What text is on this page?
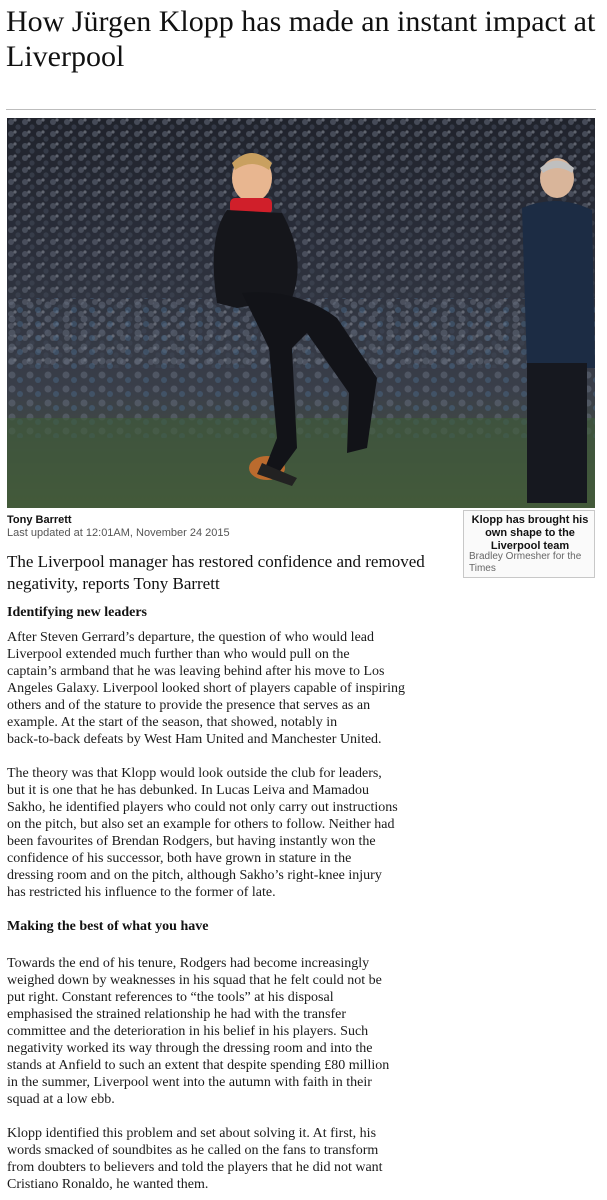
How Jürgen Klopp has made an instant impact at Liverpool
Tony Barrett
Last updated at 12:01AM, November 24 2015
Klopp has brought his own shape to the Liverpool team
Bradley Ormesher for the Times
The Liverpool manager has restored confidence and removed negativity, reports Tony Barrett
Identifying new leaders

After Steven Gerrard’s departure, the question of who would lead
Liverpool extended much further than who would pull on the
captain’s armband that he was leaving behind after his move to Los
Angeles Galaxy. Liverpool looked short of players capable of inspiring
others and of the stature to provide the presence that serves as an
example. At the start of the season, that showed, notably in
back-to-back defeats by West Ham United and Manchester United.

The theory was that Klopp would look outside the club for leaders,
but it is one that he has debunked. In Lucas Leiva and Mamadou
Sakho, he identified players who could not only carry out instructions
on the pitch, but also set an example for others to follow. Neither had
been favourites of Brendan Rodgers, but having instantly won the
confidence of his successor, both have grown in stature in the
dressing room and on the pitch, although Sakho’s right-knee injury
has restricted his influence to the former of late.

Making the best of what you have

Towards the end of his tenure, Rodgers had become increasingly
weighed down by weaknesses in his squad that he felt could not be
put right. Constant references to “the tools” at his disposal
emphasised the strained relationship he had with the transfer
committee and the deterioration in his belief in his players. Such
negativity worked its way through the dressing room and into the
stands at Anfield to such an extent that despite spending £80 million
in the summer, Liverpool went into the autumn with faith in their
squad at a low ebb.

Klopp identified this problem and set about solving it. At first, his
words smacked of soundbites as he called on the fans to transform
from doubters to believers and told the players that he did not want
Cristiano Ronaldo, he wanted them.
